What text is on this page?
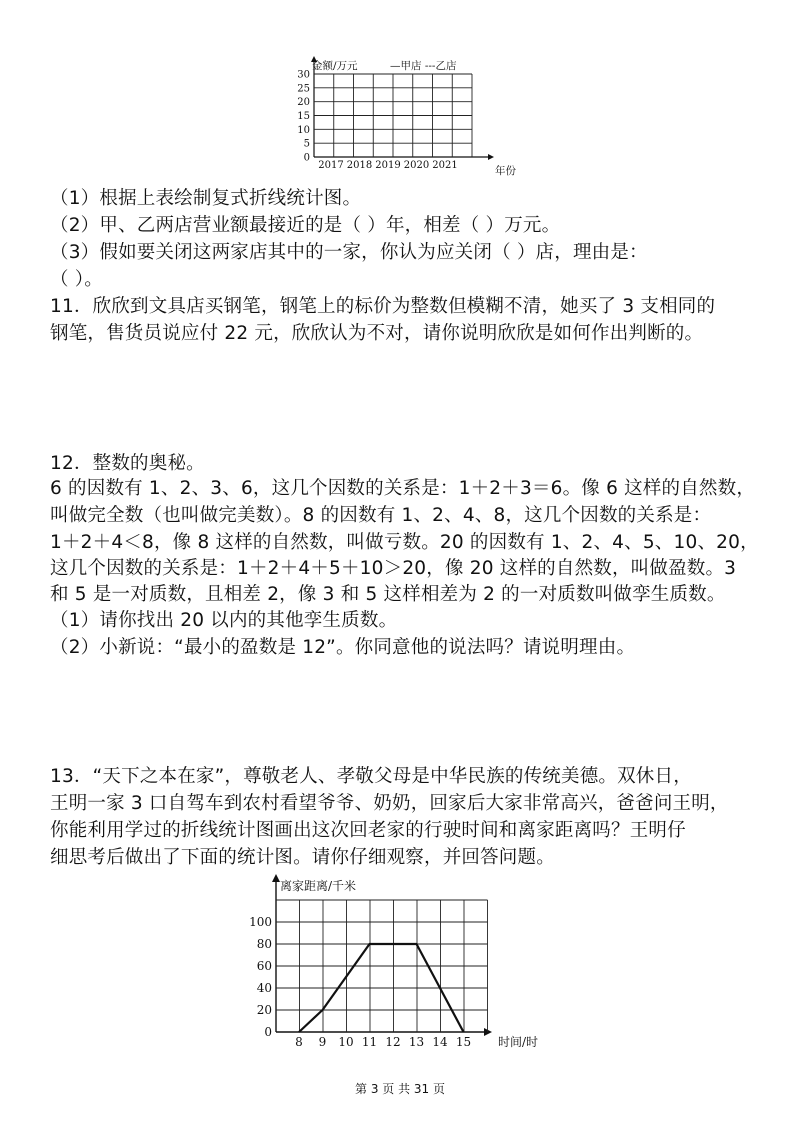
0
5
10
15
20
25
30
2017 2018 2019 2020 2021
金额/万元	—甲店 ---乙店
年份
（1）根据上表绘制复式折线统计图。
（2）甲、乙两店营业额最接近的是（ ）年，相差（ ）万元。
（3）假如要关闭这两家店其中的一家，你认为应关闭（ ）店，理由是：
（ ）。
11．欣欣到文具店买钢笔，钢笔上的标价为整数但模糊不清，她买了 3 支相同的
钢笔，售货员说应付 22 元，欣欣认为不对，请你说明欣欣是如何作出判断的。
12．整数的奥秘。
6 的因数有 1、2、3、6，这几个因数的关系是：1＋2＋3＝6。像 6 这样的自然数，
叫做完全数（也叫做完美数）。8 的因数有 1、2、4、8，这几个因数的关系是：
1＋2＋4＜8，像 8 这样的自然数，叫做亏数。20 的因数有 1、2、4、5、10、20，
这几个因数的关系是：1＋2＋4＋5＋10＞20，像 20 这样的自然数，叫做盈数。3
和 5 是一对质数，且相差 2，像 3 和 5 这样相差为 2 的一对质数叫做孪生质数。
（1）请你找出 20 以内的其他孪生质数。
（2）小新说：“最小的盈数是 12”。你同意他的说法吗？请说明理由。
13．“天下之本在家”，尊敬老人、孝敬父母是中华民族的传统美德。双休日，
王明一家 3 口自驾车到农村看望爷爷、奶奶，回家后大家非常高兴，爸爸问王明，
你能利用学过的折线统计图画出这次回老家的行驶时间和离家距离吗？王明仔
细思考后做出了下面的统计图。请你仔细观察，并回答问题。
0
20
40
60
80
100
8 9 10 11 12 13 14 15
离家距离/千米
时间/时
第 3 页 共 31 页
